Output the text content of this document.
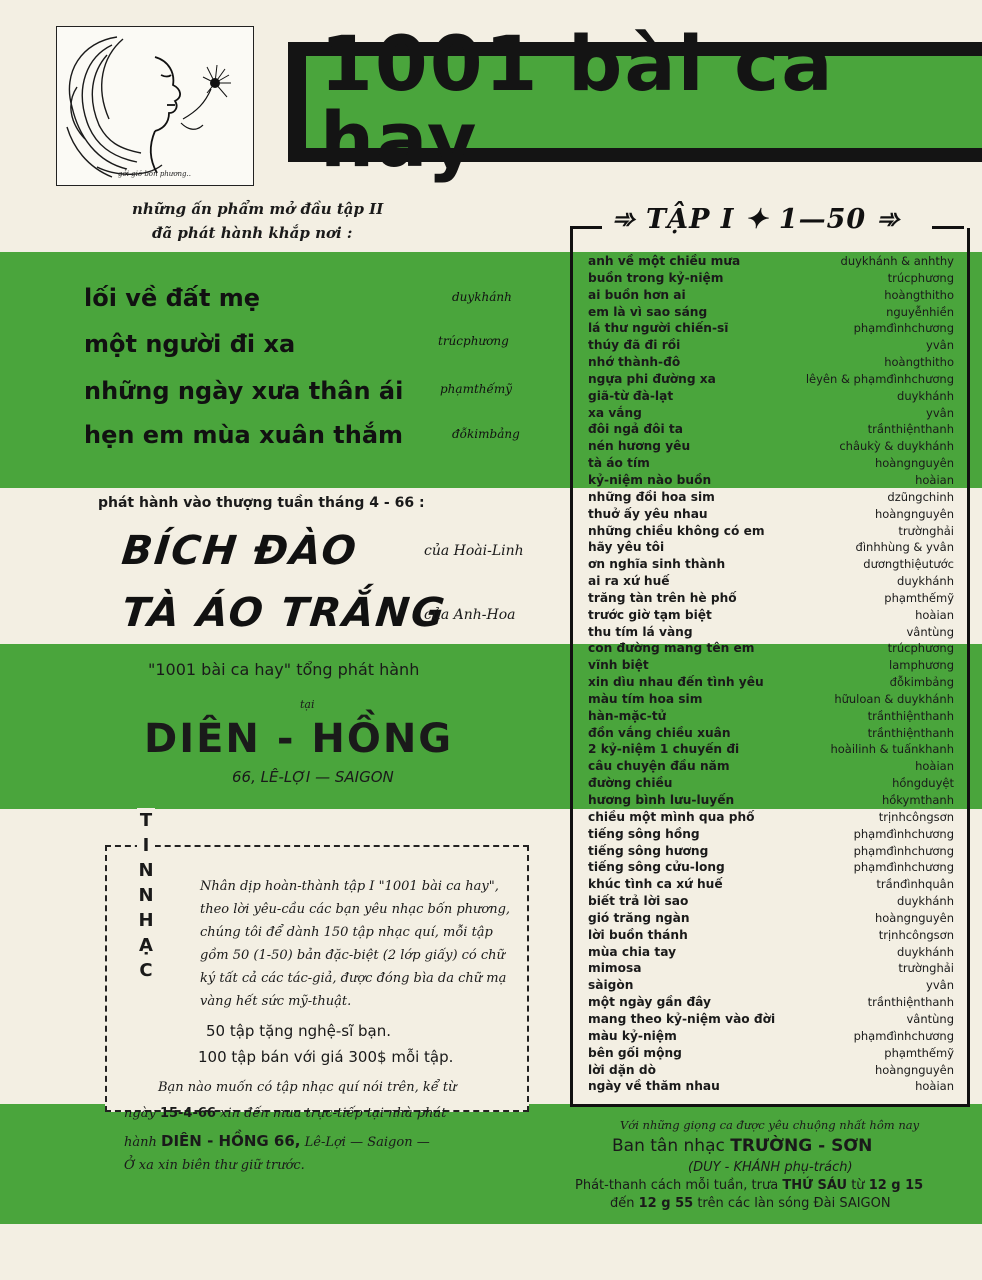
gởi gió bốn phương..
1001 bài ca hay
những ấn phẩm mở đầu tập II
đã phát hành khắp nơi :
lối về đất mẹ	duykhánh
một người đi xa	trúcphương
những ngày xưa thân ái	phạmthếmỹ
hẹn em mùa xuân thắm	đỗkimbảng
phát hành vào thượng tuần tháng 4 - 66 :
BÍCH ĐÀO	của Hoài-Linh
TÀ ÁO TRẮNG
của Anh-Hoa
"1001 bài ca hay" tổng phát hành
tại
DIÊN - HỒNG
66, LÊ-LỢI — SAIGON
T
I
N
N
H
Ạ
C
Nhân dịp hoàn-thành tập I "1001 bài ca hay", theo lời yêu-cầu các bạn yêu nhạc bốn phương, chúng tôi để dành 150 tập nhạc quí, mỗi tập gồm 50 (1-50) bản đặc-biệt (2 lớp giấy) có chữ ký tất cả các tác-giả, được đóng bìa da chữ mạ vàng hết sức mỹ-thuật.
50 tập tặng nghệ-sĩ bạn.
100 tập bán với giá 300$ mỗi tập.
Bạn nào muốn có tập nhạc quí nói trên, kể từ
ngày 15-4-66 xin đến mua trực-tiếp tại nhà phát
hành DIÊN - HỒNG 66, Lê-Lợi — Saigon —
Ở xa xin biên thư giữ trước.
➾ TẬP I ✦ 1—50 ➾
anh về một chiều mưa	duykhánh & anhthy
buồn trong kỷ-niệm	trúcphương
ai buồn hơn ai	hoàngthitho
em là vì sao sáng	nguyễnhiền
lá thư người chiến-sĩ	phạmđìnhchương
thúy đã đi rồi	yvân
nhớ thành-đô	hoàngthitho
ngựa phi đường xa	lêyên & phạmđìnhchương
giã-từ đà-lạt	duykhánh
xa vắng	yvân
đôi ngả đôi ta	trầnthiệnthanh
nén hương yêu	châukỳ & duykhánh
tà áo tím	hoàngnguyên
kỷ-niệm nào buồn	hoàian
những đồi hoa sim	dzũngchinh
thuở ấy yêu nhau	hoàngnguyên
những chiều không có em	trườnghải
hãy yêu tôi	đìnhhùng & yvân
ơn nghĩa sinh thành	dươngthiệutước
ai ra xứ huế	duykhánh
trăng tàn trên hè phố	phạmthếmỹ
trước giờ tạm biệt	hoàian
thu tím lá vàng	vântùng
con đường mang tên em	trúcphương
vĩnh biệt	lamphương
xin dìu nhau đến tình yêu	đỗkimbảng
màu tím hoa sim	hữuloan & duykhánh
hàn-mặc-tử	trầnthiệnthanh
đồn vắng chiều xuân	trầnthiệnthanh
2 kỷ-niệm 1 chuyến đi	hoàilinh & tuấnkhanh
câu chuyện đầu năm	hoàian
đường chiều	hồngduyệt
hương bình lưu-luyến	hồkymthanh
chiều một mình qua phố	trịnhcôngsơn
tiếng sông hồng	phạmđìnhchương
tiếng sông hương	phạmđìnhchương
tiếng sông cửu-long	phạmđìnhchương
khúc tình ca xứ huế	trầnđìnhquân
biết trả lời sao	duykhánh
gió trăng ngàn	hoàngnguyên
lời buồn thánh	trịnhcôngsơn
mùa chia tay	duykhánh
mimosa	trườnghải
sàigòn	yvân
một ngày gần đây	trầnthiệnthanh
mang theo kỷ-niệm vào đời	vântùng
màu kỷ-niệm	phạmđìnhchương
bên gối mộng	phạmthếmỹ
lời dặn dò	hoàngnguyên
ngày về thăm nhau	hoàian
Với những giọng ca được yêu chuộng nhất hôm nay
Ban tân nhạc TRƯỜNG - SƠN
(DUY - KHÁNH phụ-trách)
Phát-thanh cách mỗi tuần, trưa THỨ SÁU từ 12 g 15
đến 12 g 55 trên các làn sóng Đài SAIGON
